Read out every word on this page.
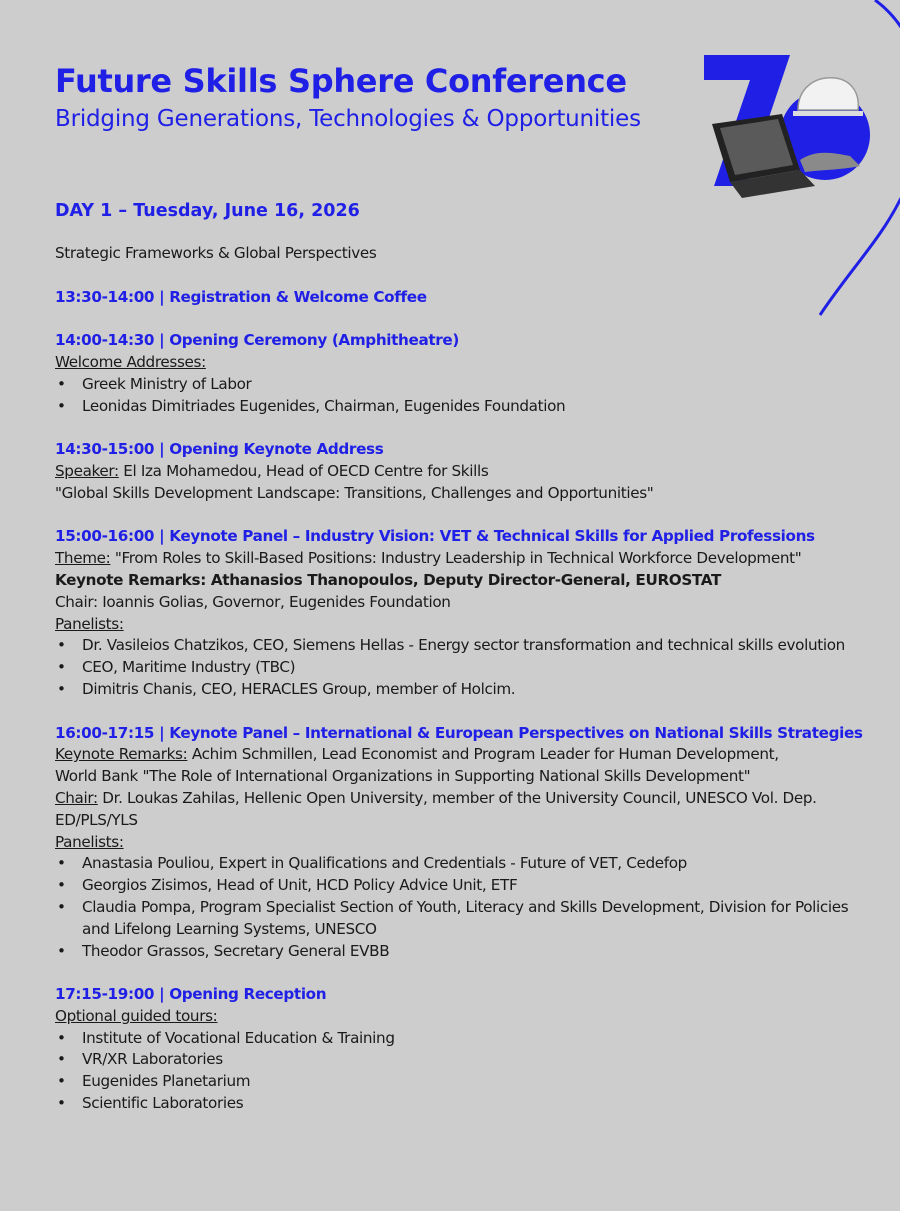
Future Skills Sphere Conference
Bridging Generations, Technologies & Opportunities
DAY 1 – Tuesday, June 16, 2026
Strategic Frameworks & Global Perspectives
13:30-14:00 | Registration & Welcome Coffee
14:00-14:30 | Opening Ceremony (Amphitheatre)
Welcome Addresses:
• Greek Ministry of Labor
• Leonidas Dimitriades Eugenides, Chairman, Eugenides Foundation
14:30-15:00 | Opening Keynote Address
Speaker: El Iza Mohamedou, Head of OECD Centre for Skills
"Global Skills Development Landscape: Transitions, Challenges and Opportunities"
15:00-16:00 | Keynote Panel – Industry Vision: VET & Technical Skills for Applied Professions
Theme: "From Roles to Skill-Based Positions: Industry Leadership in Technical Workforce Development"
Keynote Remarks: Athanasios Thanopoulos, Deputy Director-General, EUROSTAT
Chair: Ioannis Golias, Governor, Eugenides Foundation
Panelists:
• Dr. Vasileios Chatzikos, CEO, Siemens Hellas - Energy sector transformation and technical skills evolution
• CEO, Maritime Industry (TBC)
• Dimitris Chanis, CEO, HERACLES Group, member of Holcim.
16:00-17:15 | Keynote Panel – International & European Perspectives on National Skills Strategies
Keynote Remarks: Achim Schmillen, Lead Economist and Program Leader for Human Development,
World Bank "The Role of International Organizations in Supporting National Skills Development"
Chair: Dr. Loukas Zahilas, Hellenic Open University, member of the University Council, UNESCO Vol. Dep. ED/PLS/YLS
Panelists:
• Anastasia Pouliou, Expert in Qualifications and Credentials - Future of VET, Cedefop
• Georgios Zisimos, Head of Unit, HCD Policy Advice Unit, ETF
• Claudia Pompa, Program Specialist Section of Youth, Literacy and Skills Development, Division for Policies and Lifelong Learning Systems, UNESCO
• Theodor Grassos, Secretary General EVBB
17:15-19:00 | Opening Reception
Optional guided tours:
• Institute of Vocational Education & Training
• VR/XR Laboratories
• Eugenides Planetarium
• Scientific Laboratories
